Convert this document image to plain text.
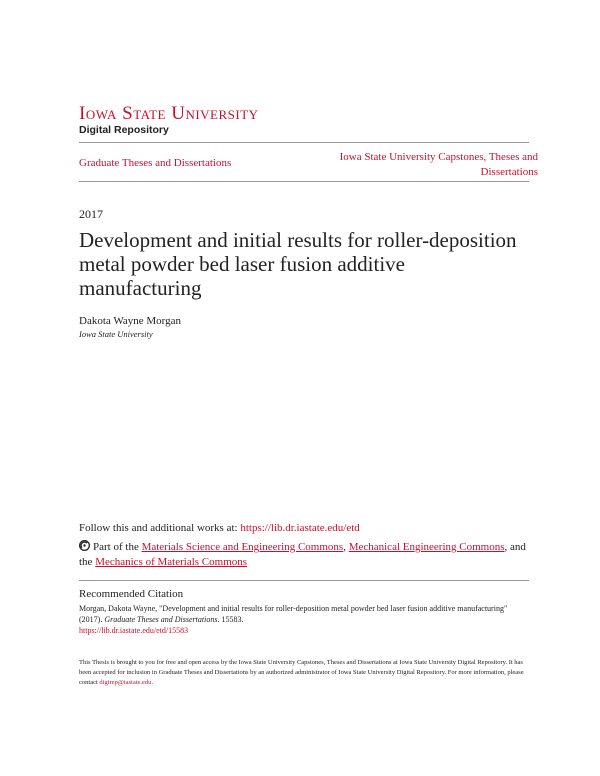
Iowa State University
Digital Repository
Graduate Theses and Dissertations	Iowa State University Capstones, Theses and Dissertations
2017
Development and initial results for roller-deposition metal powder bed laser fusion additive manufacturing
Dakota Wayne Morgan
Iowa State University
Follow this and additional works at: https://lib.dr.iastate.edu/etd
Part of the Materials Science and Engineering Commons, Mechanical Engineering Commons, and the Mechanics of Materials Commons
Recommended Citation
Morgan, Dakota Wayne, "Development and initial results for roller-deposition metal powder bed laser fusion additive manufacturing" (2017). Graduate Theses and Dissertations. 15583.
https://lib.dr.iastate.edu/etd/15583
This Thesis is brought to you for free and open access by the Iowa State University Capstones, Theses and Dissertations at Iowa State University Digital Repository. It has been accepted for inclusion in Graduate Theses and Dissertations by an authorized administrator of Iowa State University Digital Repository. For more information, please contact digirep@iastate.edu.
